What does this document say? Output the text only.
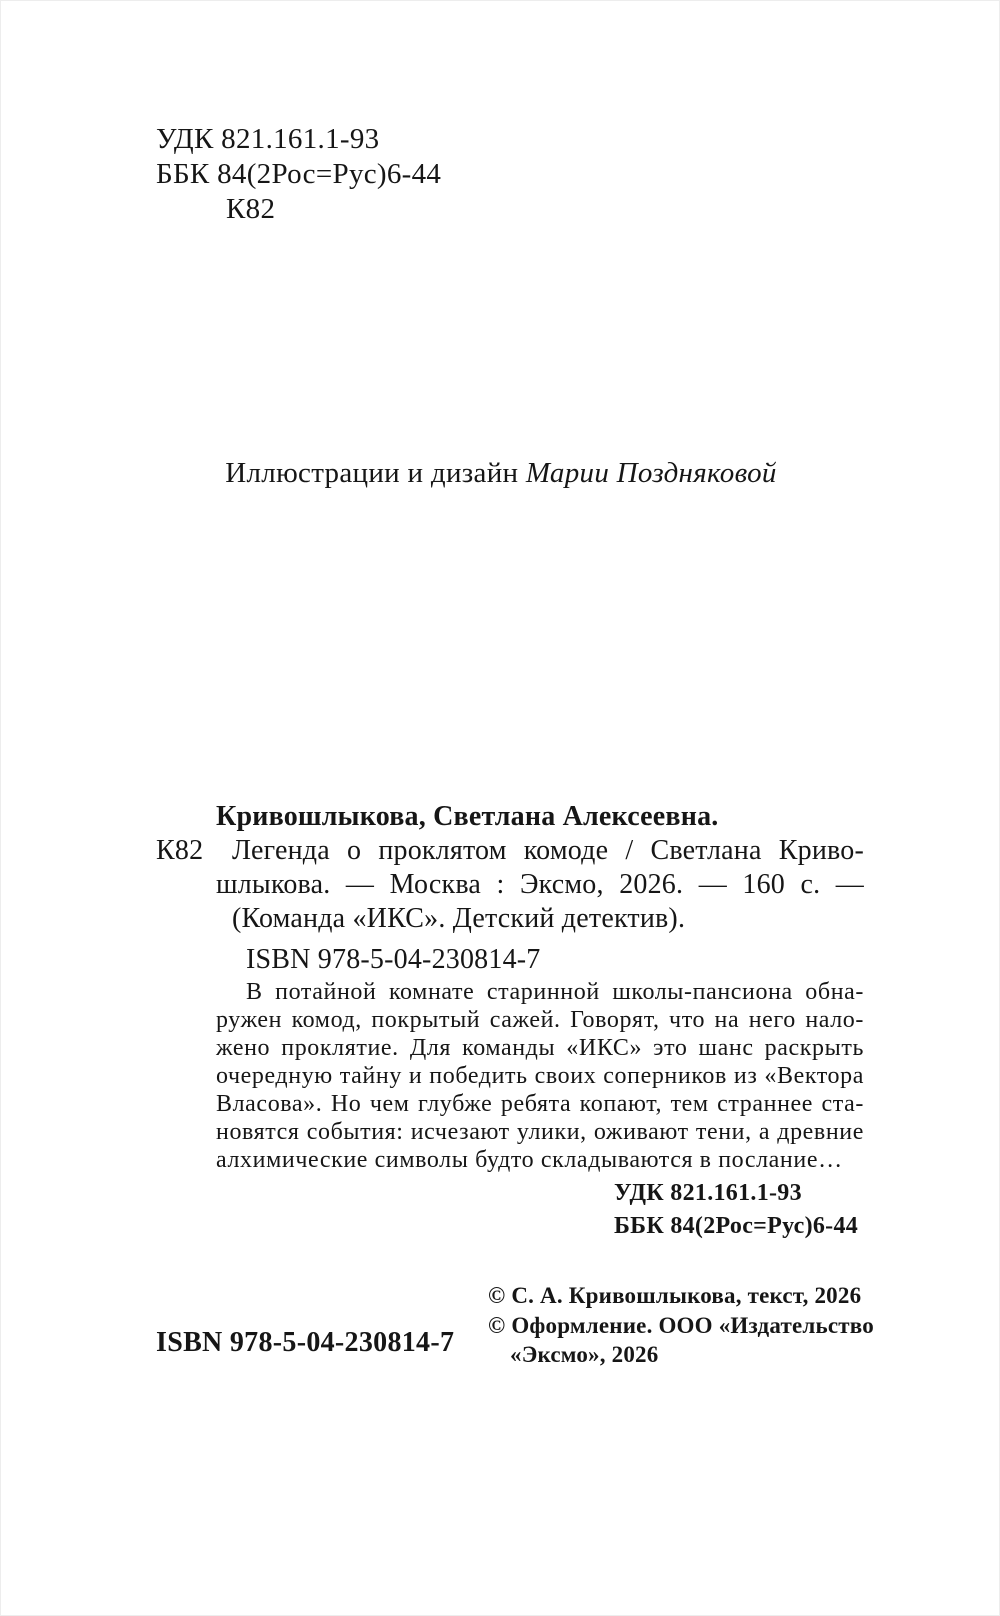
УДК 821.161.1-93
ББК 84(2Рос=Рус)6-44
К82
Иллюстрации и дизайн Марии Поздняковой
Кривошлыкова, Светлана Алексеевна.
К82	Легенда о проклятом комоде / Светлана Криво-
шлыкова. — Москва : Эксмо, 2026. — 160 с. —
(Команда «ИКС». Детский детектив).
ISBN 978-5-04-230814-7
В потайной комнате старинной школы-пансиона обна-
ружен комод, покрытый сажей. Говорят, что на него нало-
жено проклятие. Для команды «ИКС» это шанс раскрыть
очередную тайну и победить своих соперников из «Вектора
Власова». Но чем глубже ребята копают, тем страннее ста-
новятся события: исчезают улики, оживают тени, а древние
алхимические символы будто складываются в послание…
УДК 821.161.1-93
ББК 84(2Рос=Рус)6-44
© С. А. Кривошлыкова, текст, 2026
© Оформление. ООО «Издательство
«Эксмо», 2026
ISBN 978-5-04-230814-7
